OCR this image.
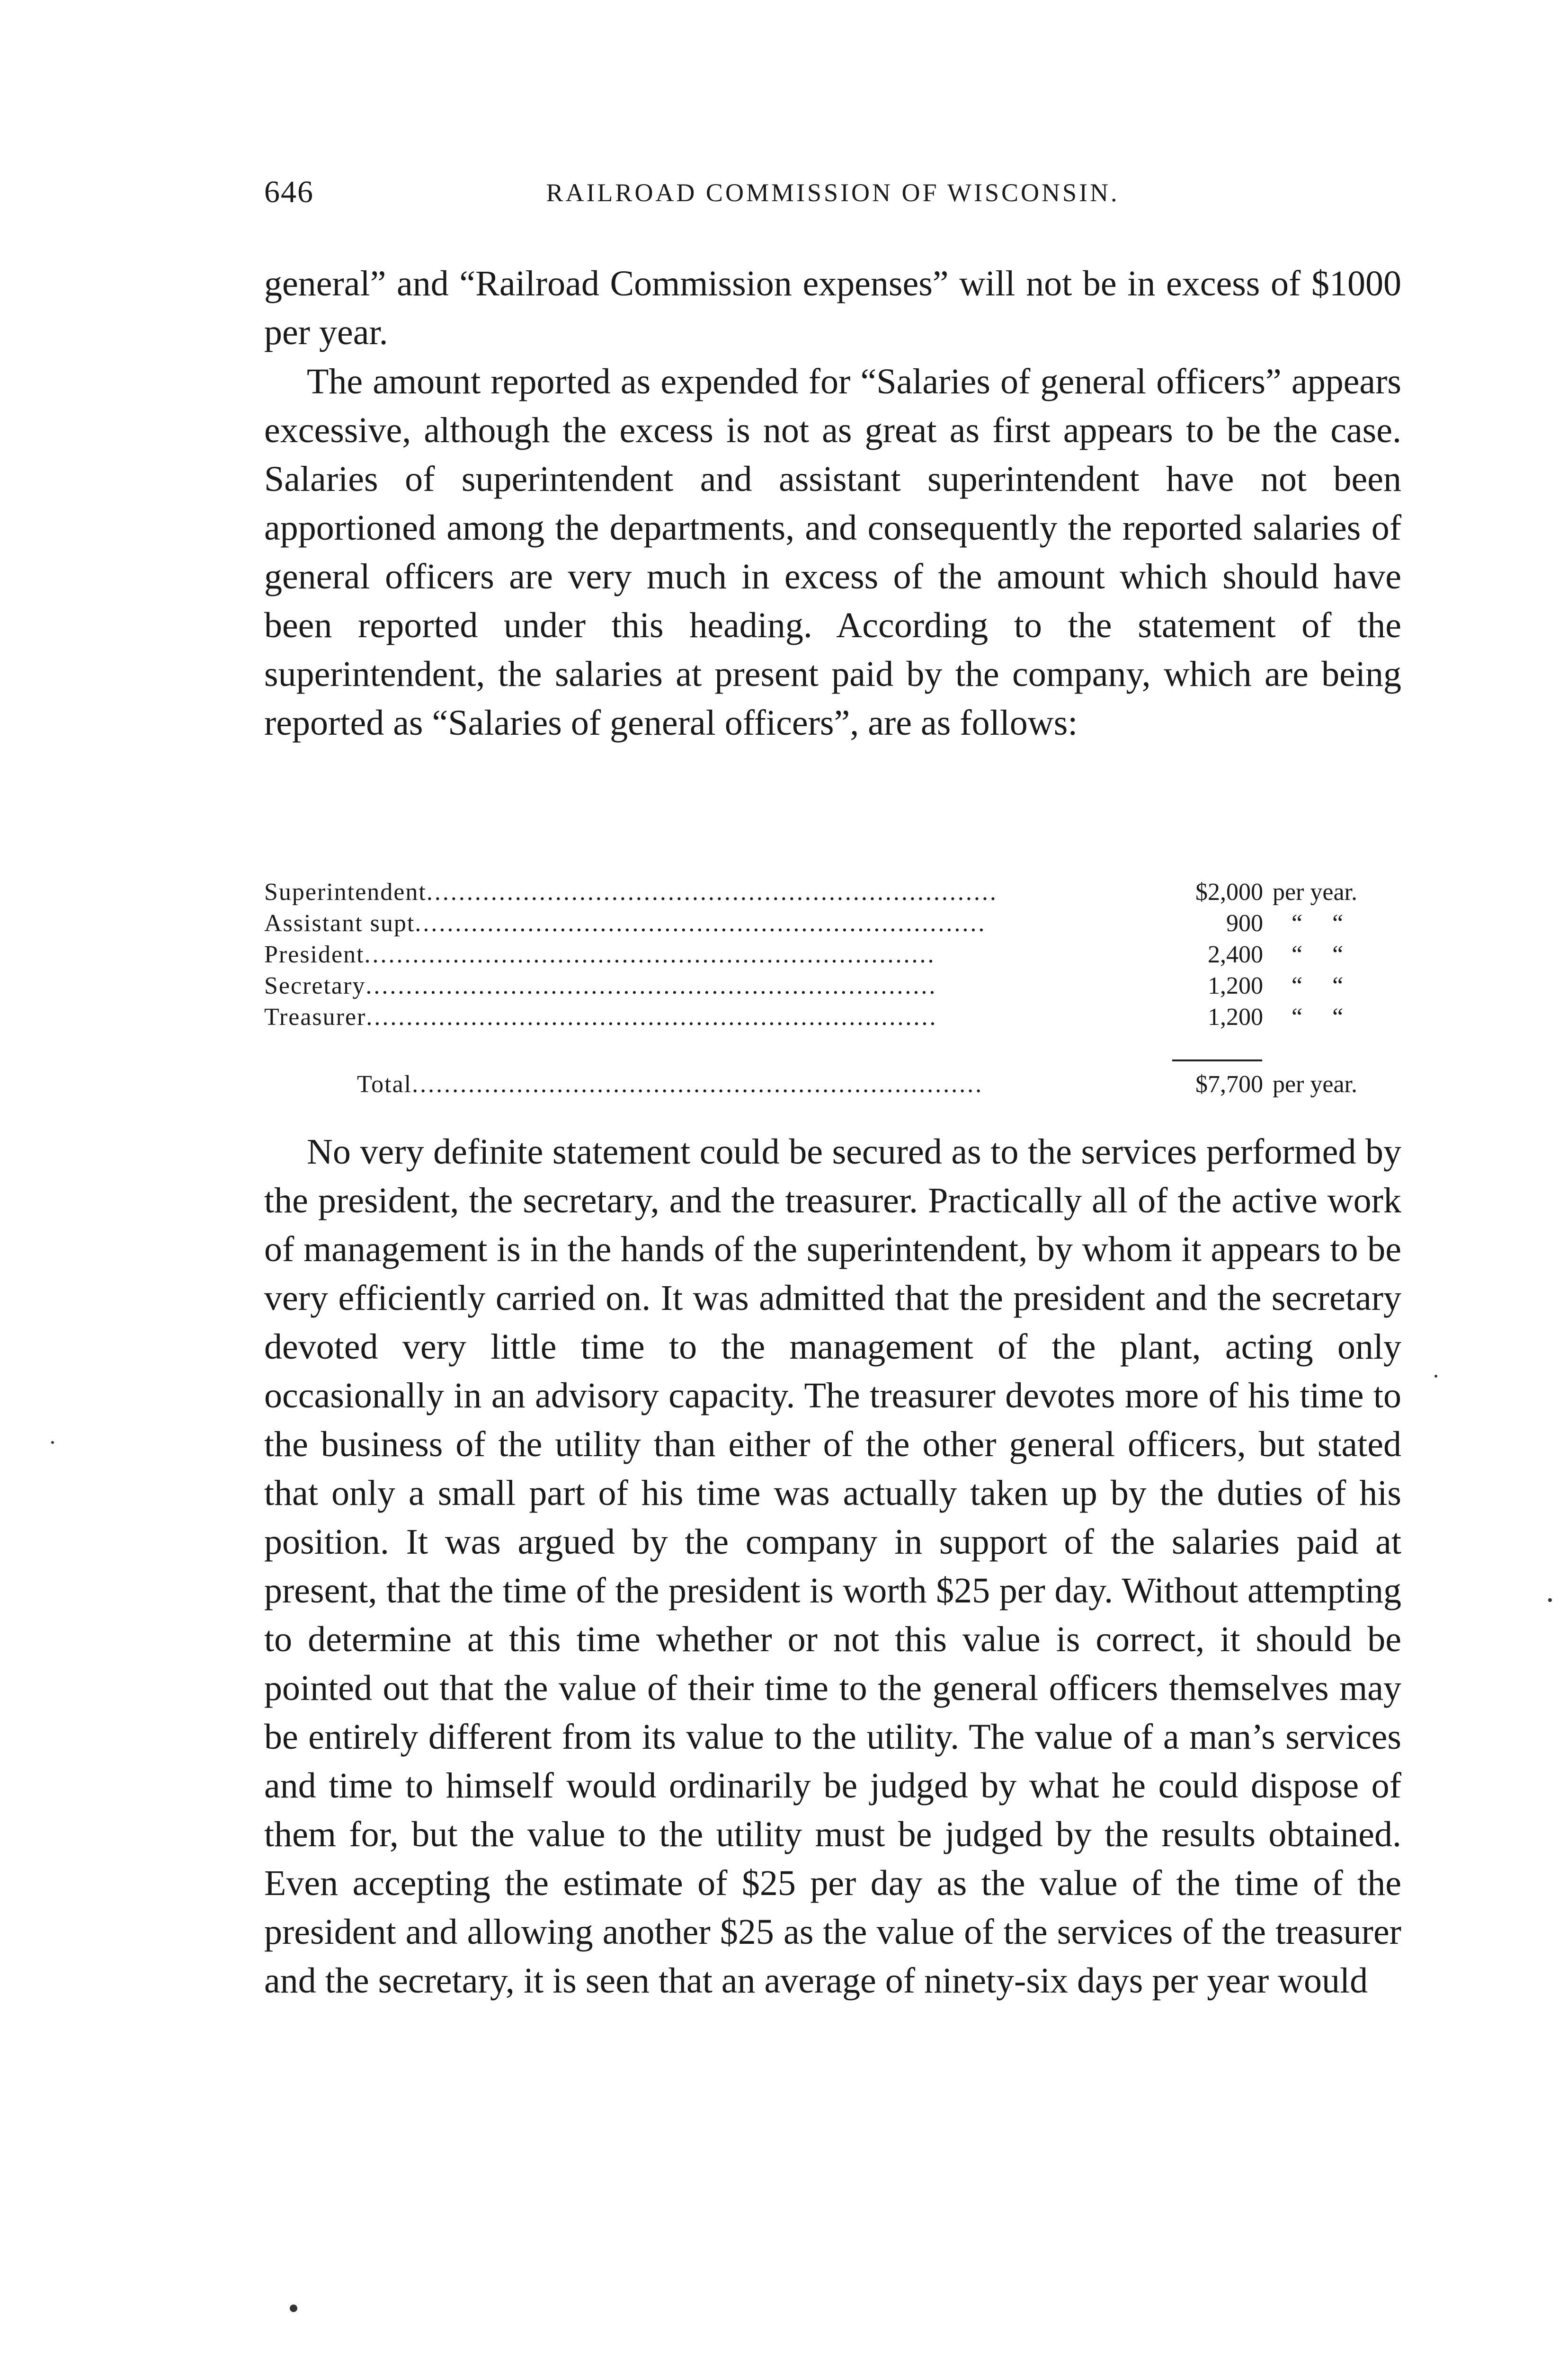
646	RAILROAD COMMISSION OF WISCONSIN.

general” and “Railroad Commission expenses” will not be in excess of $1000 per year.

The amount reported as expended for “Salaries of general officers” appears excessive, although the excess is not as great as first appears to be the case. Salaries of superintendent and assistant superintendent have not been apportioned among the departments, and consequently the reported salaries of general officers are very much in excess of the amount which should have been reported under this heading. According to the statement of the superintendent, the salaries at present paid by the company, which are being reported as “Salaries of general officers”, are as follows:

Superintendent.......................................................................	$2,000 per year.
Assistant supt.......................................................................	900	“ “
President.......................................................................	2,400	“ “
Secretary.......................................................................	1,200	“ “
Treasurer.......................................................................	1,200	“ “
Total.......................................................................	$7,700 per year.

No very definite statement could be secured as to the services performed by the president, the secretary, and the treasurer. Practically all of the active work of management is in the hands of the superintendent, by whom it appears to be very efficiently carried on. It was admitted that the president and the secretary devoted very little time to the management of the plant, acting only occasionally in an advisory capacity. The treasurer devotes more of his time to the business of the utility than either of the other general officers, but stated that only a small part of his time was actually taken up by the duties of his position. It was argued by the company in support of the salaries paid at present, that the time of the president is worth $25 per day. Without attempting to determine at this time whether or not this value is correct, it should be pointed out that the value of their time to the general officers themselves may be entirely different from its value to the utility. The value of a man’s services and time to himself would ordinarily be judged by what he could dispose of them for, but the value to the utility must be judged by the results obtained. Even accepting the estimate of $25 per day as the value of the time of the president and allowing another $25 as the value of the services of the treasurer and the secretary, it is seen that an average of ninety-six days per year would
